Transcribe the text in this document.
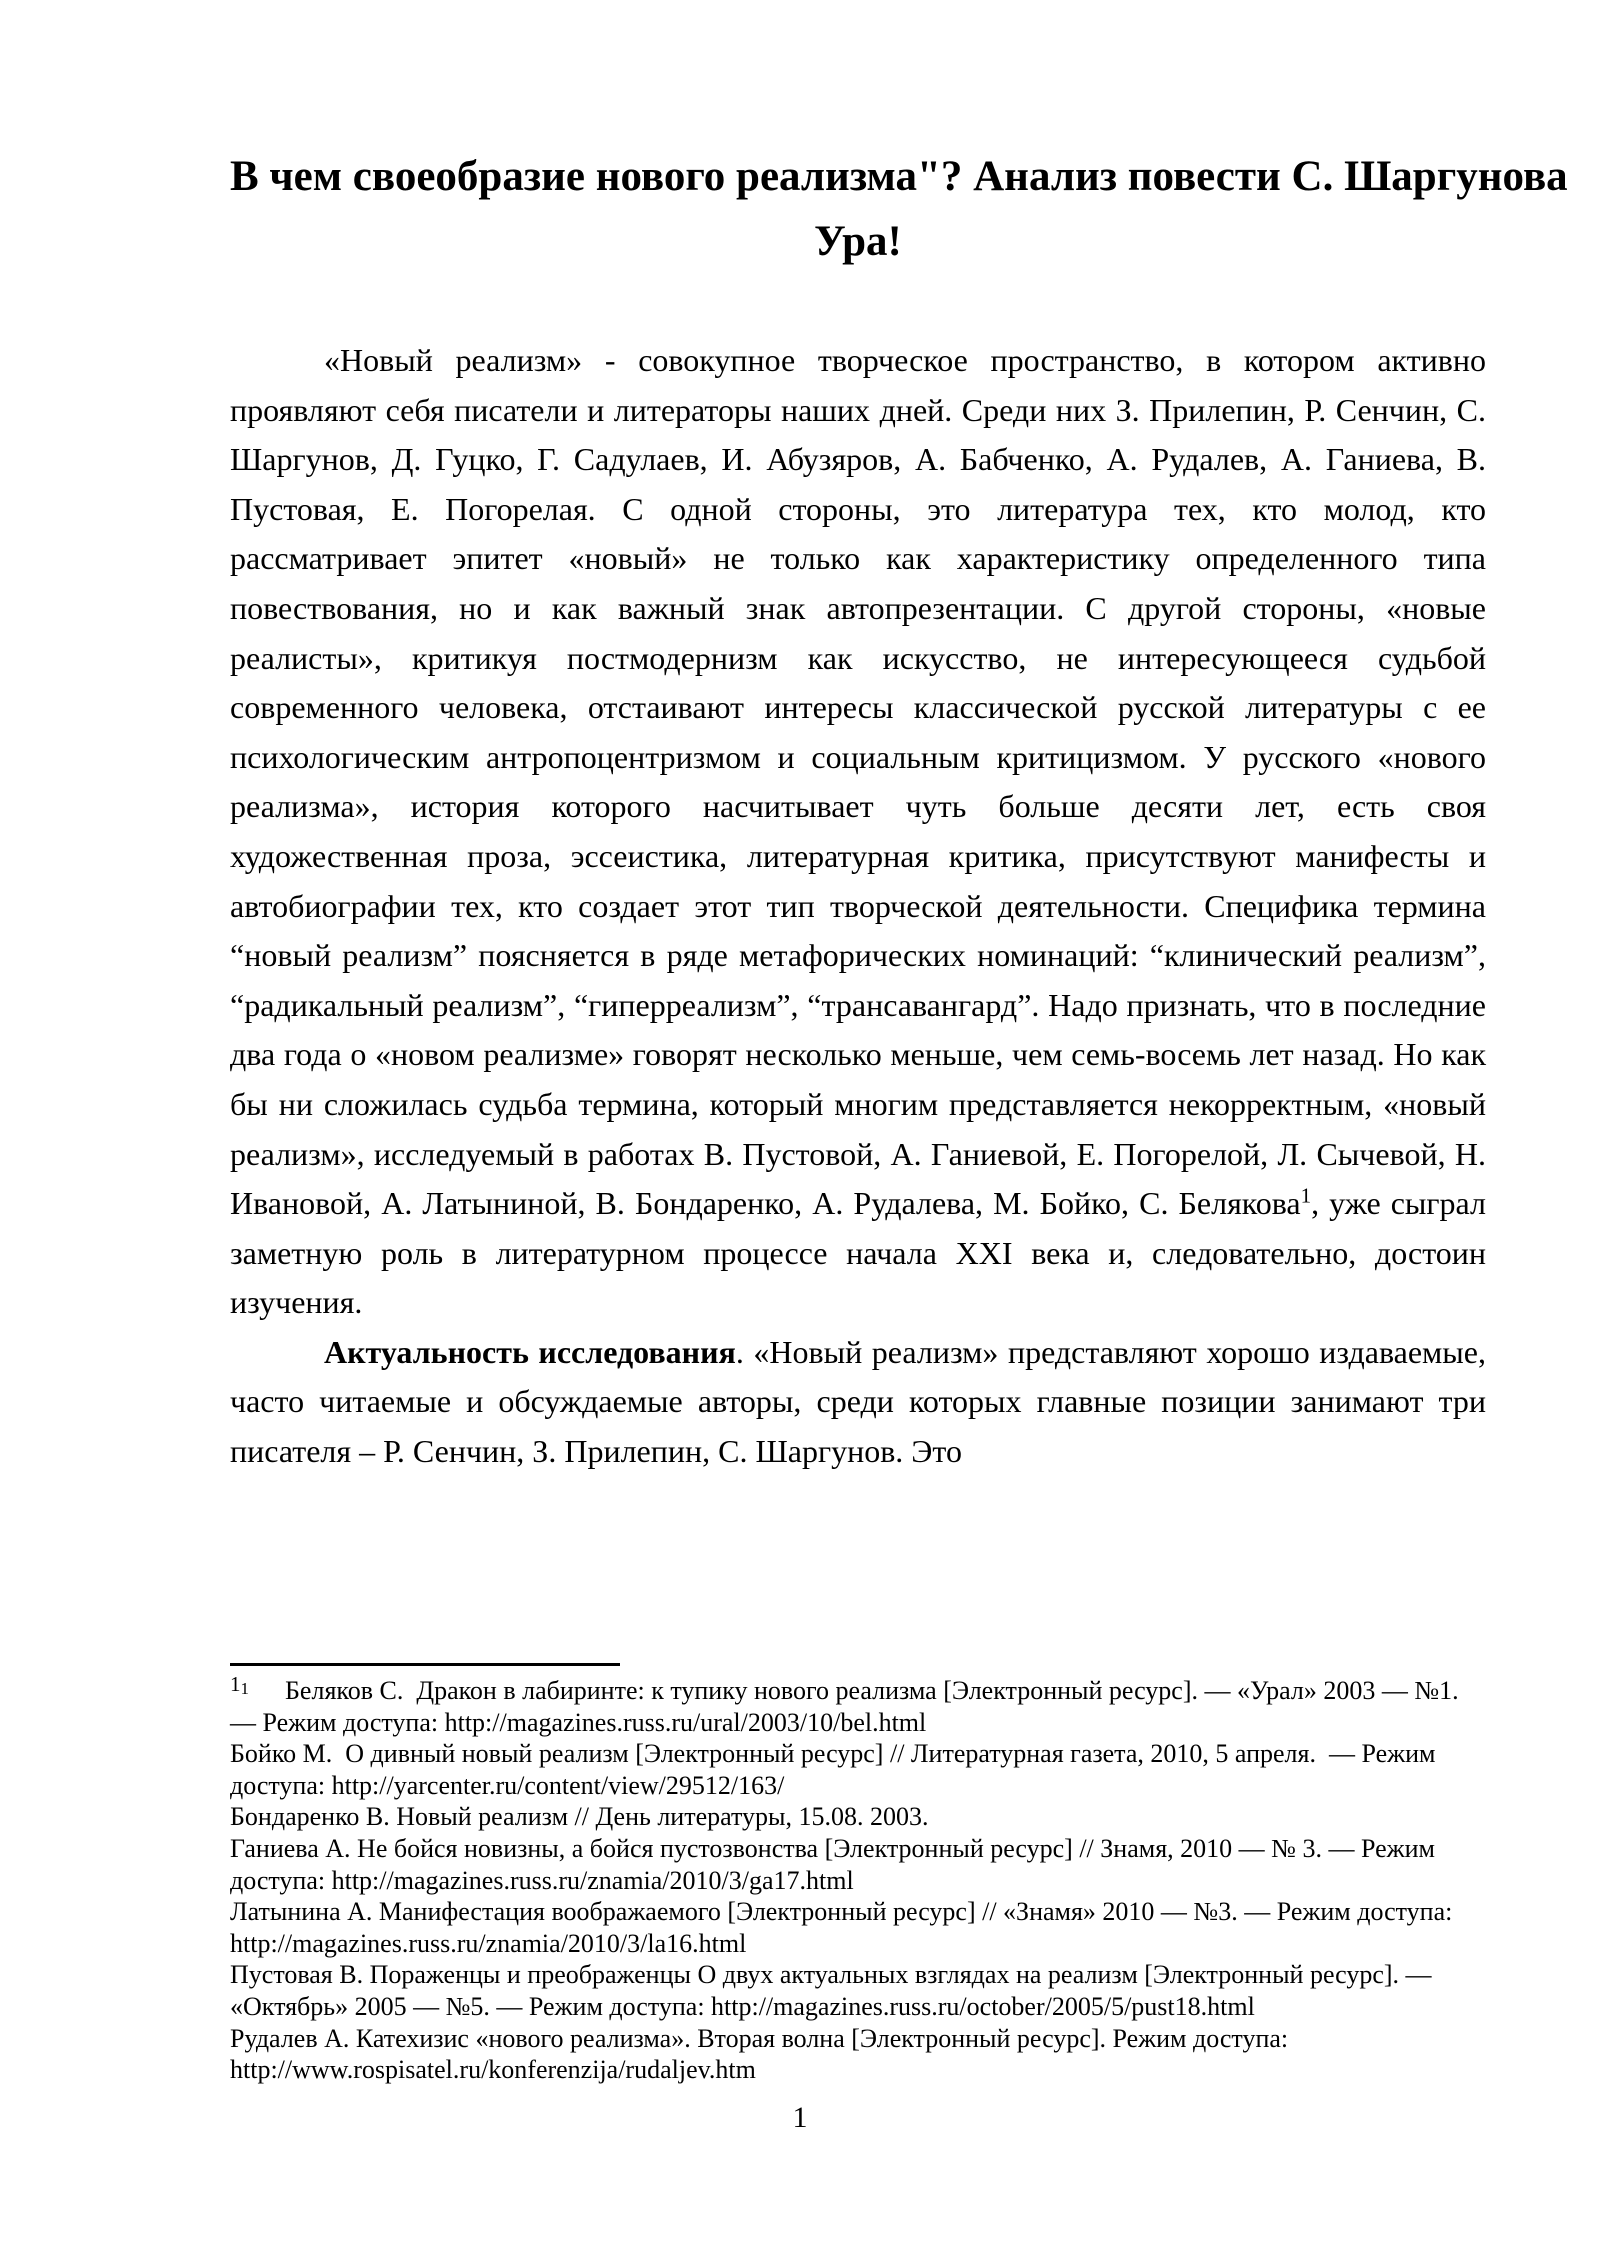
В чем своеобразие нового реализма"? Анализ повести С. Шаргунова
Ура!

«Новый реализм» - совокупное творческое пространство, в котором активно проявляют себя писатели и литераторы наших дней. Среди них З. Прилепин, Р. Сенчин, С. Шаргунов, Д. Гуцко, Г. Садулаев, И. Абузяров, А. Бабченко, А. Рудалев, А. Ганиева, В. Пустовая, Е. Погорелая. С одной стороны, это литература тех, кто молод, кто рассматривает эпитет «новый» не только как характеристику определенного типа повествования, но и как важный знак автопрезентации. С другой стороны, «новые реалисты», критикуя постмодернизм как искусство, не интересующееся судьбой современного человека, отстаивают интересы классической русской литературы с ее психологическим антропоцентризмом и социальным критицизмом. У русского «нового реализма», история которого насчитывает чуть больше десяти лет, есть своя художественная проза, эссеистика, литературная критика, присутствуют манифесты и автобиографии тех, кто создает этот тип творческой деятельности. Специфика термина “новый реализм” поясняется в ряде метафорических номинаций: “клинический реализм”, “радикальный реализм”, “гиперреализм”, “трансавангард”. Надо признать, что в последние два года о «новом реализме» говорят несколько меньше, чем семь-восемь лет назад. Но как бы ни сложилась судьба термина, который многим представляется некорректным, «новый реализм», исследуемый в работах В. Пустовой, А. Ганиевой, Е. Погорелой, Л. Сычевой, Н. Ивановой, А. Латыниной, В. Бондаренко, А. Рудалева, М. Бойко, С. Белякова$^1$, уже сыграл заметную роль в литературном процессе начала XXI века и, следовательно, достоин изучения.

Актуальность исследования. «Новый реализм» представляют хорошо издаваемые, часто читаемые и обсуждаемые авторы, среди которых главные позиции занимают три писателя – Р. Сенчин, З. Прилепин, С. Шаргунов. Это

$^1$1 Беляков С.  Дракон в лабиринте: к тупику нового реализма [Электронный ресурс]. — «Урал» 2003 — №1. — Режим доступа: http://magazines.russ.ru/ural/2003/10/bel.html
Бойко М.  О дивный новый реализм [Электронный ресурс] // Литературная газета, 2010, 5 апреля.  — Режим доступа: http://yarcenter.ru/content/view/29512/163/
Бондаренко В. Новый реализм // День литературы, 15.08. 2003.
Ганиева А. Не бойся новизны, а бойся пустозвонства [Электронный ресурс] // Знамя, 2010 — № 3. — Режим доступа: http://magazines.russ.ru/znamia/2010/3/ga17.html
Латынина А. Манифестация воображаемого [Электронный ресурс] // «Знамя» 2010 — №3. — Режим доступа:  http://magazines.russ.ru/znamia/2010/3/la16.html
Пустовая В. Пораженцы и преображенцы О двух актуальных взглядах на реализм [Электронный ресурс]. — «Октябрь» 2005 — №5. — Режим доступа: http://magazines.russ.ru/october/2005/5/pust18.html
Рудалев А. Катехизис «нового реализма». Вторая волна [Электронный ресурс]. Режим доступа: http://www.rospisatel.ru/konferenzija/rudaljev.htm
1
